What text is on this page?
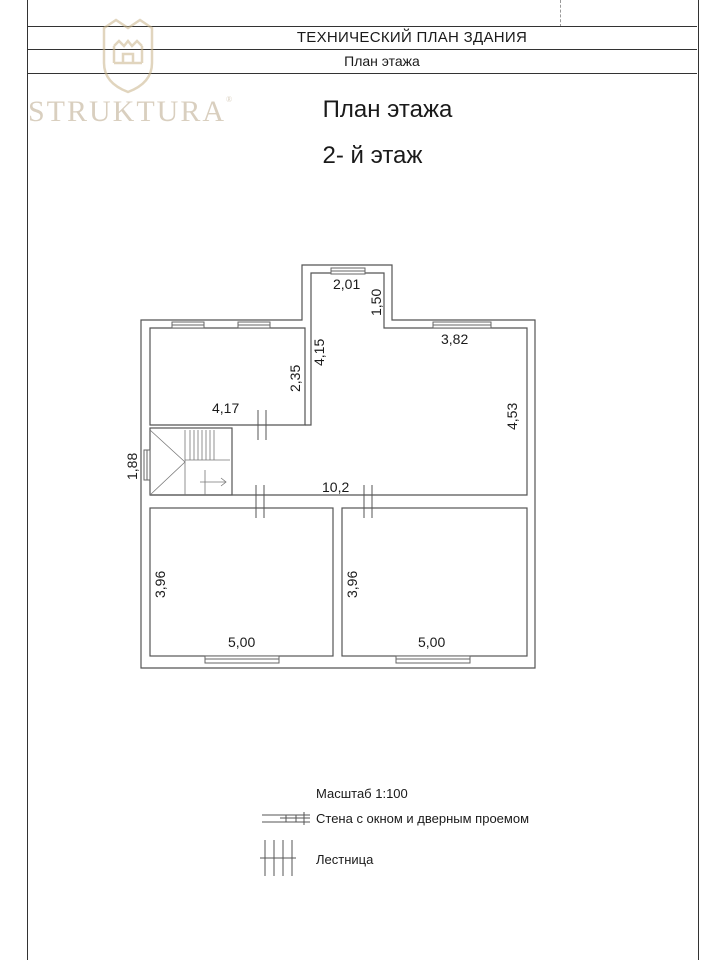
ТЕХНИЧЕСКИЙ ПЛАН ЗДАНИЯ
План этажа
STRUKTURA®	План этажа
2- й этаж
2,01
1,50
3,82
4,53
4,15
2,35
4,17
1,88
10,2
3,96
5,00
3,96
5,00
Масштаб 1:100
Стена с окном и дверным проемом
Лестница
